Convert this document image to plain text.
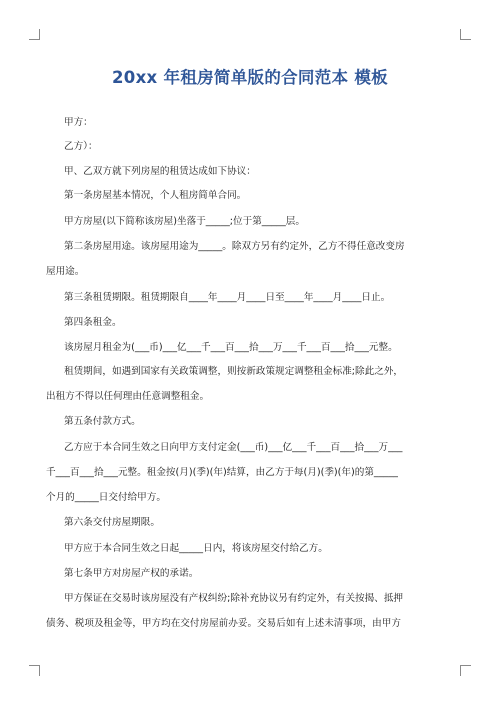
20xx 年租房简单版的合同范本 模板
甲方：
乙方）：
甲、乙双方就下列房屋的租赁达成如下协议：
第一条房屋基本情况，个人租房简单合同。
甲方房屋(以下简称该房屋)坐落于_____;位于第_____层。
第二条房屋用途。该房屋用途为_____。除双方另有约定外，乙方不得任意改变房
屋用途。
第三条租赁期限。租赁期限自____年____月____日至____年____月____日止。
第四条租金。
该房屋月租金为(___币)___亿___千___百___拾___万___千___百___拾___元整。
租赁期间，如遇到国家有关政策调整，则按新政策规定调整租金标准;除此之外，
出租方不得以任何理由任意调整租金。
第五条付款方式。
乙方应于本合同生效之日向甲方支付定金(___币)___亿___千___百___拾___万___
千___百___拾___元整。租金按(月)(季)(年)结算，由乙方于每(月)(季)(年)的第_____
个月的_____日交付给甲方。
第六条交付房屋期限。
甲方应于本合同生效之日起_____日内，将该房屋交付给乙方。
第七条甲方对房屋产权的承诺。
甲方保证在交易时该房屋没有产权纠纷;除补充协议另有约定外，有关按揭、抵押
债务、税项及租金等，甲方均在交付房屋前办妥。交易后如有上述未清事项，由甲方
